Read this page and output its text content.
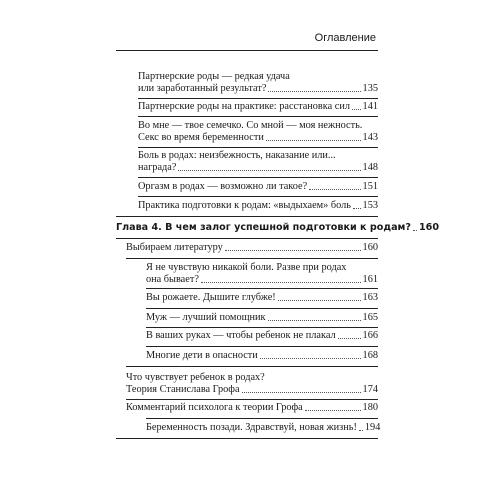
Оглавление
Партнерские роды — редкая удача
или заработанный результат?	135
Партнерские роды на практике: расстановка сил 141
Во мне — твое семечко. Со мной — моя нежность.
Секс во время беременности	143
Боль в родах: неизбежность, наказание или...
награда?	148
Оргазм в родах — возможно ли такое?	151
Практика подготовки к родам: «выдыхаем» боль 153
Глава 4. В чем залог успешной подготовки к родам? 160
Выбираем литературу	160
Я не чувствую никакой боли. Разве при родах
она бывает?	161
Вы рожаете. Дышите глубже!	163
Муж — лучший помощник	165
В ваших руках — чтобы ребенок не плакал	166
Многие дети в опасности	168
Что чувствует ребенок в родах?
Теория Станислава Грофа	174
Комментарий психолога к теории Грофа	180
Беременность позади. Здравствуй, новая жизнь! 194
